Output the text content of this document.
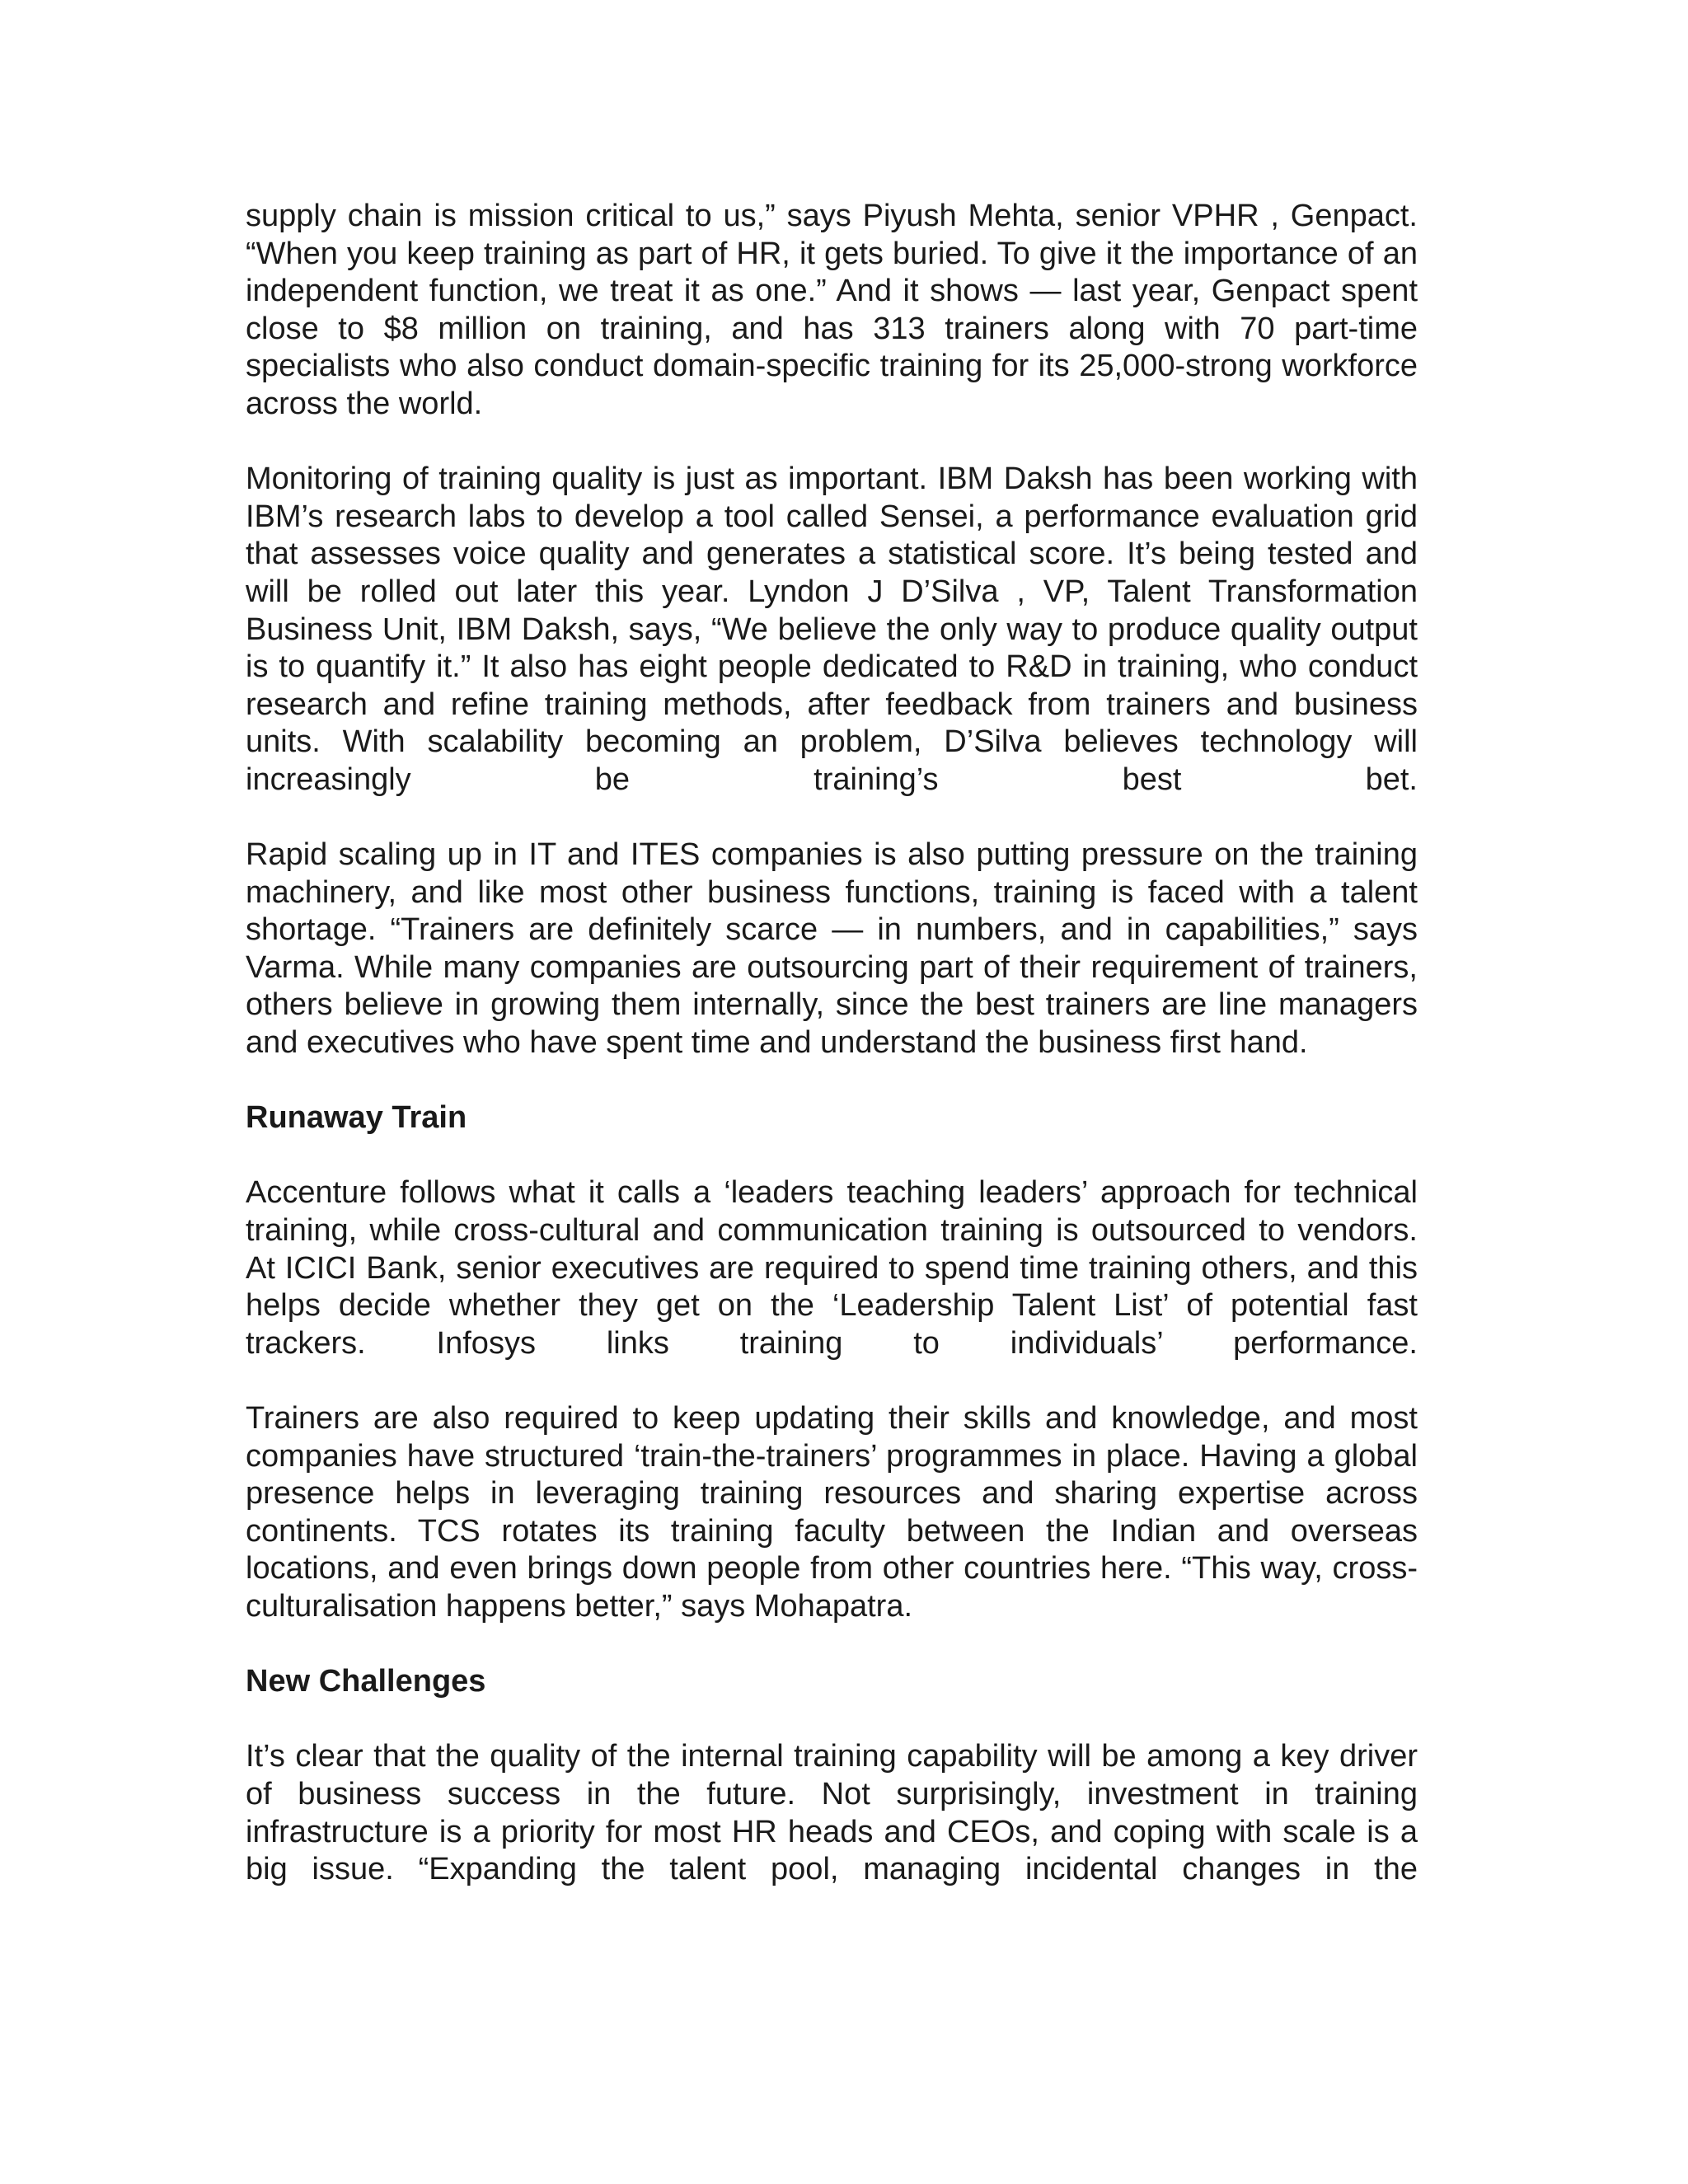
supply chain is mission critical to us,” says Piyush Mehta, senior VPHR , Genpact. “When you keep training as part of HR, it gets buried. To give it the importance of an independent function, we treat it as one.” And it shows — last year, Genpact spent close to $8 million on training, and has 313 trainers along with 70 part-time specialists who also conduct domain-specific training for its 25,000-strong workforce across the world.

Monitoring of training quality is just as important. IBM Daksh has been working with IBM’s research labs to develop a tool called Sensei, a performance evaluation grid that assesses voice quality and generates a statistical score. It’s being tested and will be rolled out later this year. Lyndon J D’Silva , VP, Talent Transformation Business Unit, IBM Daksh, says, “We believe the only way to produce quality output is to quantify it.” It also has eight people dedicated to R&D in training, who conduct research and refine training methods, after feedback from trainers and business units. With scalability becoming an problem, D’Silva believes technology will increasingly be training’s best bet.

Rapid scaling up in IT and ITES companies is also putting pressure on the training machinery, and like most other business functions, training is faced with a talent shortage. “Trainers are definitely scarce — in numbers, and in capabilities,” says Varma. While many companies are outsourcing part of their requirement of trainers, others believe in growing them internally, since the best trainers are line managers and executives who have spent time and understand the business first hand.

Runaway Train

Accenture follows what it calls a ‘leaders teaching leaders’ approach for technical training, while cross-cultural and communication training is outsourced to vendors. At ICICI Bank, senior executives are required to spend time training others, and this helps decide whether they get on the ‘Leadership Talent List’ of potential fast trackers. Infosys links training to individuals’ performance.

Trainers are also required to keep updating their skills and knowledge, and most companies have structured ‘train-the-trainers’ programmes in place. Having a global presence helps in leveraging training resources and sharing expertise across continents. TCS rotates its training faculty between the Indian and overseas locations, and even brings down people from other countries here. “This way, cross-culturalisation happens better,” says Mohapatra.

New Challenges

It’s clear that the quality of the internal training capability will be among a key driver of business success in the future. Not surprisingly, investment in training infrastructure is a priority for most HR heads and CEOs, and coping with scale is a big issue. “Expanding the talent pool, managing incidental changes in the
